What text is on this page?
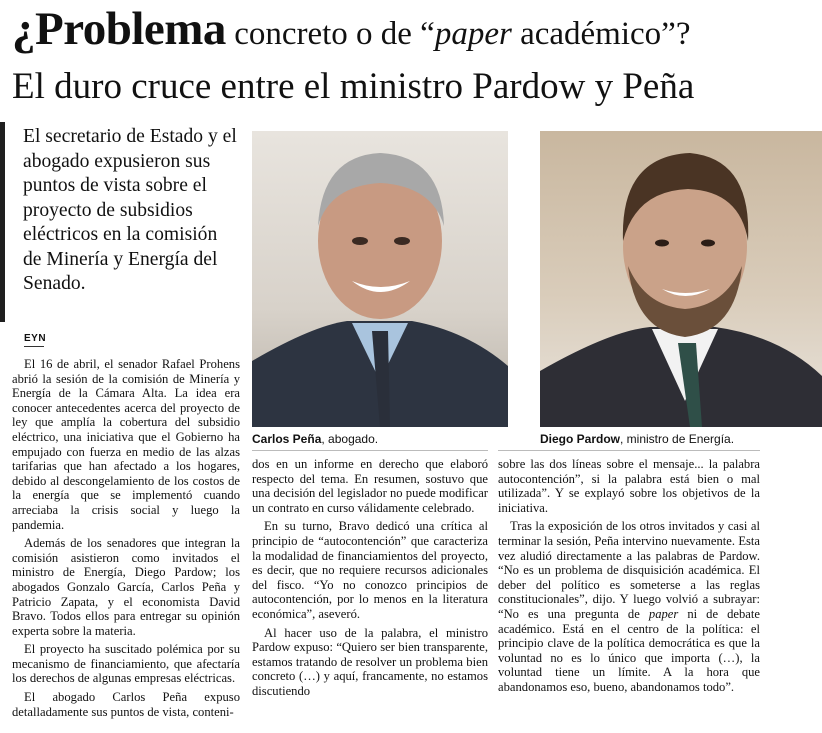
¿Problema concreto o de “paper académico”?
El duro cruce entre el ministro Pardow y Peña

El secretario de Estado y el abogado expusieron sus puntos de vista sobre el proyecto de subsidios eléctricos en la comisión de Minería y Energía del Senado.

EYN

El 16 de abril, el senador Rafael Prohens abrió la sesión de la comisión de Minería y Energía de la Cámara Alta. La idea era conocer antecedentes acerca del proyecto de ley que amplía la cobertura del subsidio eléctrico, una iniciativa que el Gobierno ha empujado con fuerza en medio de las alzas tarifarias que han afectado a los hogares, debido al descongelamiento de los costos de la energía que se implementó cuando arreciaba la crisis social y luego la pandemia.

Además de los senadores que integran la comisión asistieron como invitados el ministro de Energía, Diego Pardow; los abogados Gonzalo García, Carlos Peña y Patricio Zapata, y el economista David Bravo. Todos ellos para entregar su opinión experta sobre la materia.

El proyecto ha suscitado polémica por su mecanismo de financiamiento, que afectaría los derechos de algunas empresas eléctricas.

El abogado Carlos Peña expuso detalladamente sus puntos de vista, conteni-

Carlos Peña, abogado.	Diego Pardow, ministro de Energía.

dos en un informe en derecho que elaboró respecto del tema. En resumen, sostuvo que una decisión del legislador no puede modificar un contrato en curso válidamente celebrado.

En su turno, Bravo dedicó una crítica al principio de “autocontención” que caracteriza la modalidad de financiamientos del proyecto, es decir, que no requiere recursos adicionales del fisco. “Yo no conozco principios de autocontención, por lo menos en la literatura económica”, aseveró.

Al hacer uso de la palabra, el ministro Pardow expuso: “Quiero ser bien transparente, estamos tratando de resolver un problema bien concreto (…) y aquí, francamente, no estamos discutiendo

sobre las dos líneas sobre el mensaje... la palabra autocontención”, si la palabra está bien o mal utilizada”. Y se explayó sobre los objetivos de la iniciativa.

Tras la exposición de los otros invitados y casi al terminar la sesión, Peña intervino nuevamente. Esta vez aludió directamente a las palabras de Pardow. “No es un problema de disquisición académica. El deber del político es someterse a las reglas constitucionales”, dijo. Y luego volvió a subrayar: “No es una pregunta de paper ni de debate académico. Está en el centro de la política: el principio clave de la política democrática es que la voluntad no es lo único que importa (…), la voluntad tiene un límite. A la hora que abandonamos eso, bueno, abandonamos todo”.
